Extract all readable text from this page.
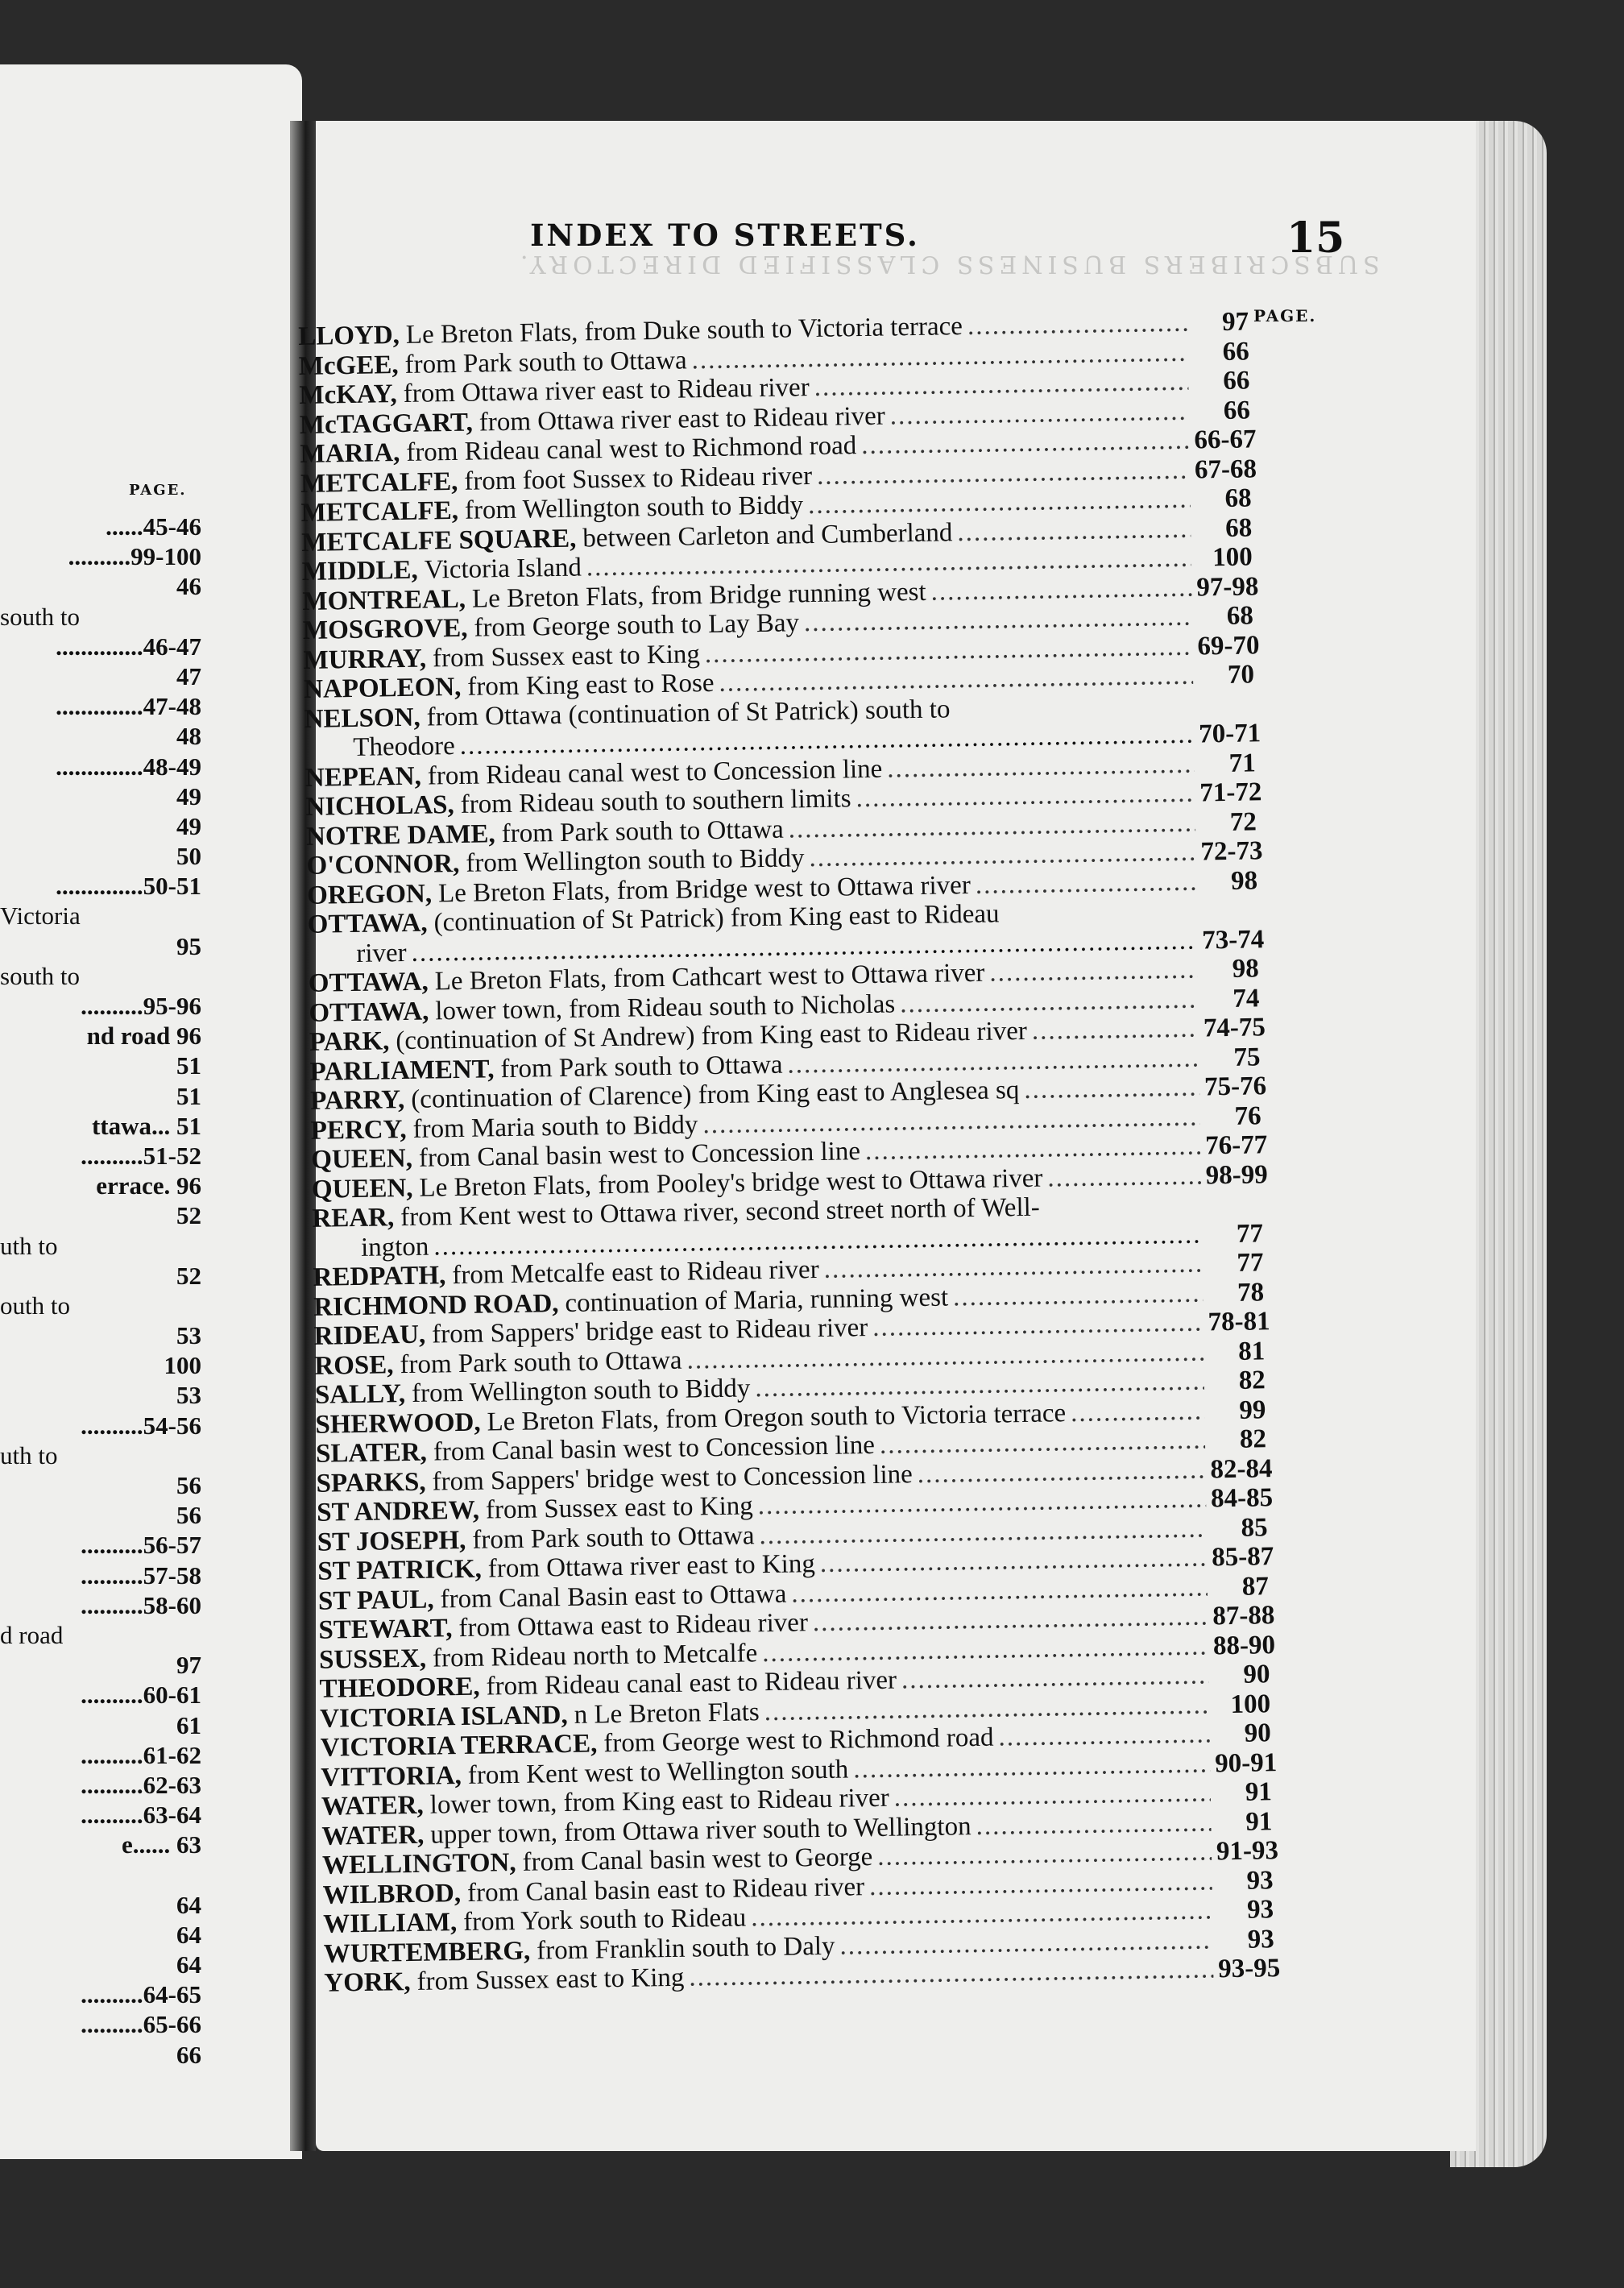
PAGE.
......45-46
..........99-100
46
south to
..............46-47
47
..............47-48
48
..............48-49
49
49
50
..............50-51
Victoria
95
south to
..........95-96
nd road 96
51
51
ttawa... 51
..........51-52
errace. 96
52
uth to
52
outh to
53
100
53
..........54-56
uth to
56
56
..........56-57
..........57-58
..........58-60
d road
97
..........60-61
61
..........61-62
..........62-63
..........63-64
e...... 63
64
64
64
..........64-65
..........65-66
66
SUBSCRIBERS BUSINESS CLASSIFIED DIRECTORY.
INDEX TO STREETS.	15
PAGE.
LLOYD, Le Breton Flats, from Duke south to Victoria terrace .....	97
McGEE, from Park south to Ottawa .....	66
McKAY, from Ottawa river east to Rideau river .....	66
McTAGGART, from Ottawa river east to Rideau river .....	66
MARIA, from Rideau canal west to Richmond road .....	66-67
METCALFE, from foot Sussex to Rideau river .....	67-68
METCALFE, from Wellington south to Biddy .....	68
METCALFE SQUARE, between Carleton and Cumberland .....	68
MIDDLE, Victoria Island .....	100
MONTREAL, Le Breton Flats, from Bridge running west .....	97-98
MOSGROVE, from George south to Lay Bay .....	68
MURRAY, from Sussex east to King .....	69-70
NAPOLEON, from King east to Rose .....	70
NELSON, from Ottawa (continuation of St Patrick) south to
Theodore .....	70-71
NEPEAN, from Rideau canal west to Concession line .....	71
NICHOLAS, from Rideau south to southern limits .....	71-72
NOTRE DAME, from Park south to Ottawa .....	72
O'CONNOR, from Wellington south to Biddy .....	72-73
OREGON, Le Breton Flats, from Bridge west to Ottawa river .....	98
OTTAWA, (continuation of St Patrick) from King east to Rideau
river .....	73-74
OTTAWA, Le Breton Flats, from Cathcart west to Ottawa river .....	98
OTTAWA, lower town, from Rideau south to Nicholas .....	74
PARK, (continuation of St Andrew) from King east to Rideau river .....	74-75
PARLIAMENT, from Park south to Ottawa .....	75
PARRY, (continuation of Clarence) from King east to Anglesea sq .....	75-76
PERCY, from Maria south to Biddy .....	76
QUEEN, from Canal basin west to Concession line .....	76-77
QUEEN, Le Breton Flats, from Pooley's bridge west to Ottawa river .....	98-99
REAR, from Kent west to Ottawa river, second street north of Well-
ington .....	77
REDPATH, from Metcalfe east to Rideau river .....	77
RICHMOND ROAD, continuation of Maria, running west .....	78
RIDEAU, from Sappers' bridge east to Rideau river .....	78-81
ROSE, from Park south to Ottawa .....	81
SALLY, from Wellington south to Biddy .....	82
SHERWOOD, Le Breton Flats, from Oregon south to Victoria terrace .....	99
SLATER, from Canal basin west to Concession line .....	82
SPARKS, from Sappers' bridge west to Concession line .....	82-84
ST ANDREW, from Sussex east to King .....	84-85
ST JOSEPH, from Park south to Ottawa .....	85
ST PATRICK, from Ottawa river east to King .....	85-87
ST PAUL, from Canal Basin east to Ottawa .....	87
STEWART, from Ottawa east to Rideau river .....	87-88
SUSSEX, from Rideau north to Metcalfe .....	88-90
THEODORE, from Rideau canal east to Rideau river .....	90
VICTORIA ISLAND, n Le Breton Flats .....	100
VICTORIA TERRACE, from George west to Richmond road .....	90
VITTORIA, from Kent west to Wellington south .....	90-91
WATER, lower town, from King east to Rideau river .....	91
WATER, upper town, from Ottawa river south to Wellington .....	91
WELLINGTON, from Canal basin west to George .....	91-93
WILBROD, from Canal basin east to Rideau river .....	93
WILLIAM, from York south to Rideau .....	93
WURTEMBERG, from Franklin south to Daly .....	93
YORK, from Sussex east to King .....	93-95
